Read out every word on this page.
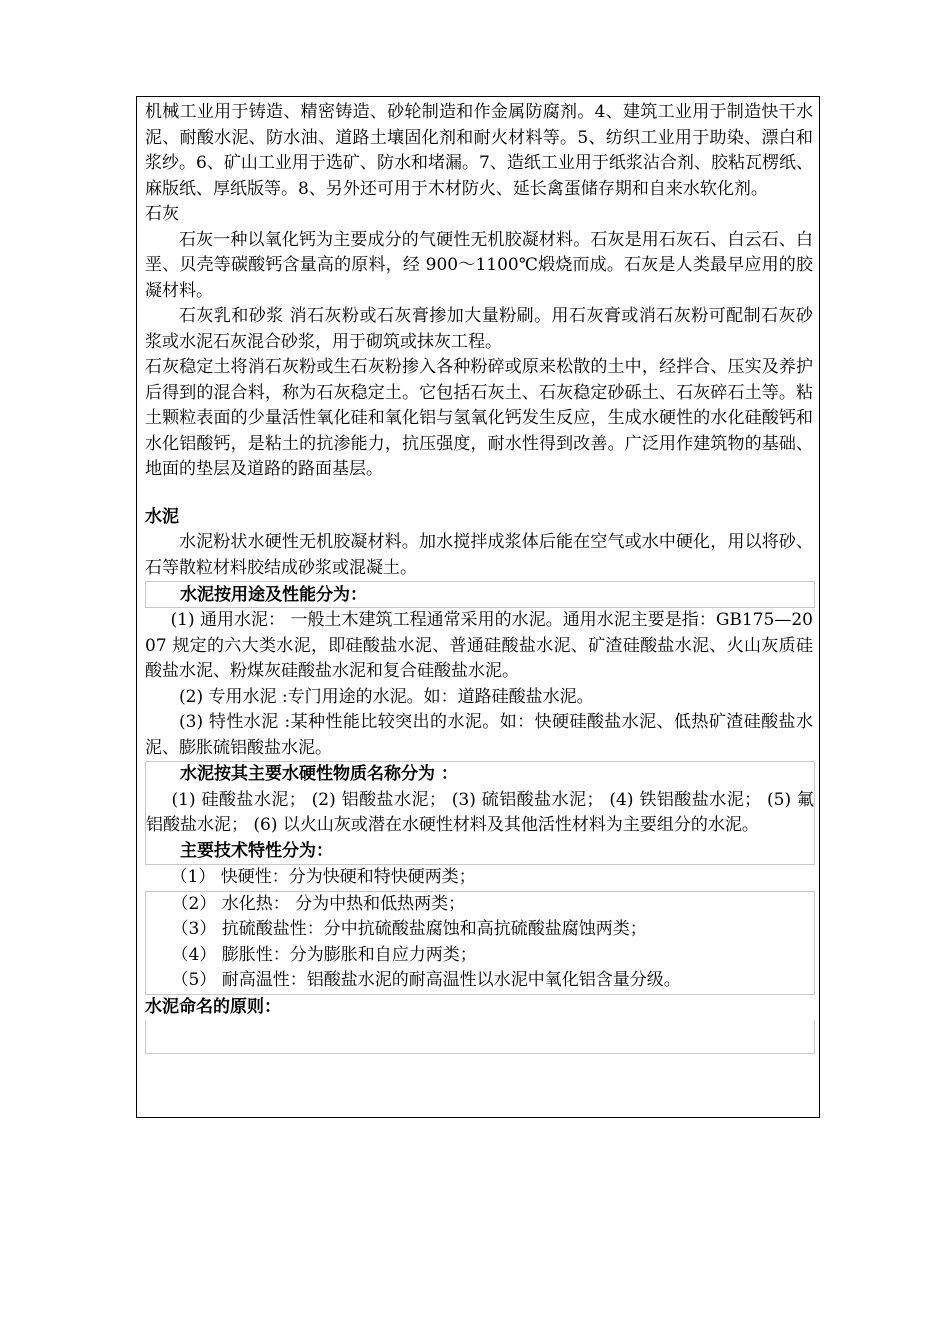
机械工业用于铸造、精密铸造、砂轮制造和作金属防腐剂。4、建筑工业用于制造快干水泥、耐酸水泥、防水油、道路土壤固化剂和耐火材料等。5、纺织工业用于助染、漂白和浆纱。6、矿山工业用于选矿、防水和堵漏。7、造纸工业用于纸浆沾合剂、胶粘瓦楞纸、麻版纸、厚纸版等。8、另外还可用于木材防火、延长禽蛋储存期和自来水软化剂。

石灰

石灰一种以氧化钙为主要成分的气硬性无机胶凝材料。石灰是用石灰石、白云石、白垩、贝壳等碳酸钙含量高的原料，经 900～1100℃煅烧而成。石灰是人类最早应用的胶凝材料。

石灰乳和砂浆 消石灰粉或石灰膏掺加大量粉刷。用石灰膏或消石灰粉可配制石灰砂浆或水泥石灰混合砂浆，用于砌筑或抹灰工程。

石灰稳定土将消石灰粉或生石灰粉掺入各种粉碎或原来松散的土中，经拌合、压实及养护后得到的混合料，称为石灰稳定土。它包括石灰土、石灰稳定砂砾土、石灰碎石土等。粘土颗粒表面的少量活性氧化硅和氧化铝与氢氧化钙发生反应，生成水硬性的水化硅酸钙和水化铝酸钙，是粘土的抗渗能力，抗压强度，耐水性得到改善。广泛用作建筑物的基础、地面的垫层及道路的路面基层。

水泥

水泥粉状水硬性无机胶凝材料。加水搅拌成浆体后能在空气或水中硬化，用以将砂、石等散粒材料胶结成砂浆或混凝土。

水泥按用途及性能分为：

(1) 通用水泥： 一般土木建筑工程通常采用的水泥。通用水泥主要是指：GB175—2007 规定的六大类水泥，即硅酸盐水泥、普通硅酸盐水泥、矿渣硅酸盐水泥、火山灰质硅酸盐水泥、粉煤灰硅酸盐水泥和复合硅酸盐水泥。

(2) 专用水泥 :专门用途的水泥。如：道路硅酸盐水泥。

(3) 特性水泥 :某种性能比较突出的水泥。如：快硬硅酸盐水泥、低热矿渣硅酸盐水泥、膨胀硫铝酸盐水泥。

水泥按其主要水硬性物质名称分为 ：

(1) 硅酸盐水泥； (2) 铝酸盐水泥； (3) 硫铝酸盐水泥； (4) 铁铝酸盐水泥； (5) 氟铝酸盐水泥； (6) 以火山灰或潜在水硬性材料及其他活性材料为主要组分的水泥。

主要技术特性分为：

（1） 快硬性：分为快硬和特快硬两类；

（2） 水化热： 分为中热和低热两类；

（3） 抗硫酸盐性：分中抗硫酸盐腐蚀和高抗硫酸盐腐蚀两类；

（4） 膨胀性：分为膨胀和自应力两类；

（5） 耐高温性：铝酸盐水泥的耐高温性以水泥中氧化铝含量分级。

水泥命名的原则：
